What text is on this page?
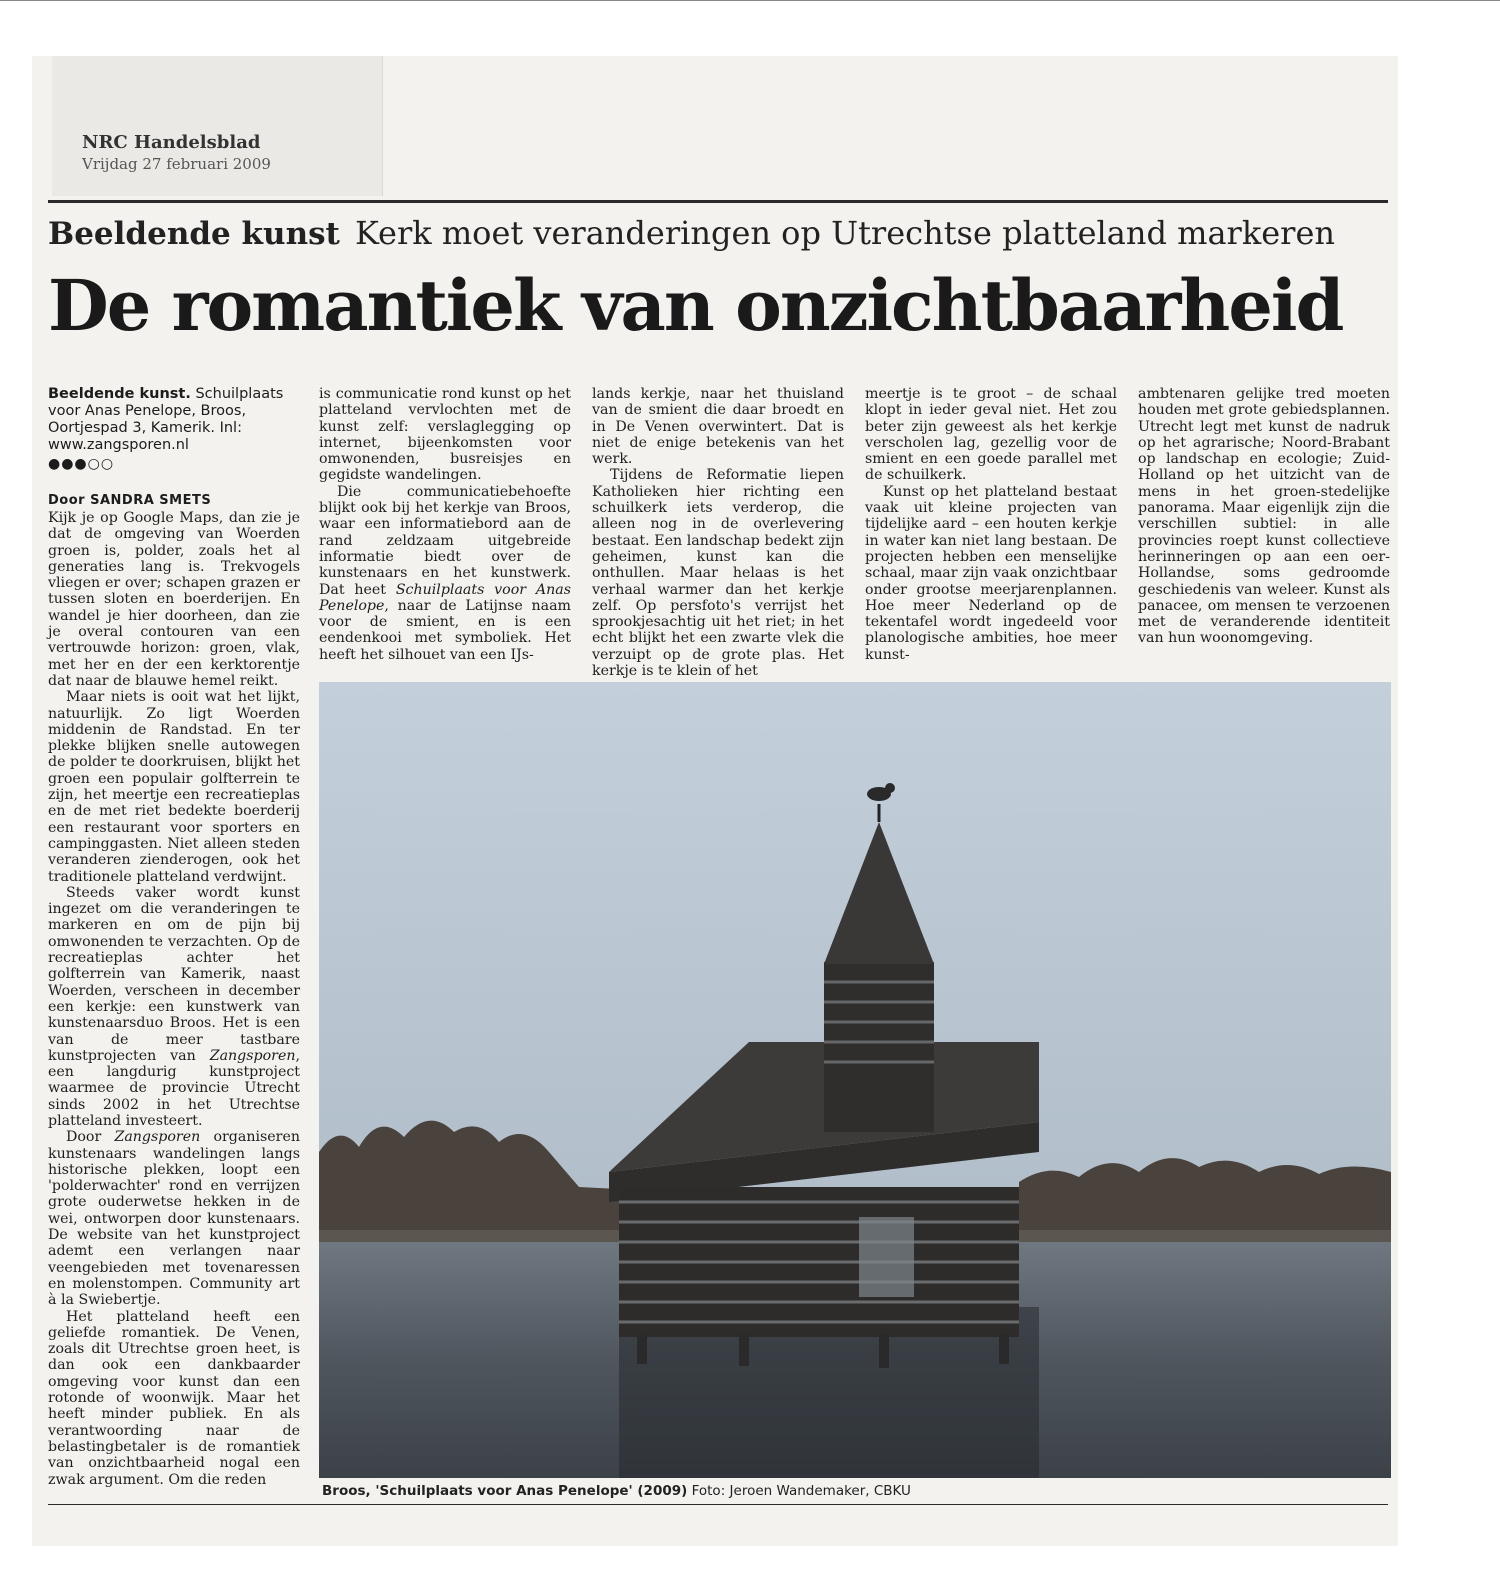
NRC Handelsblad
Vrijdag 27 februari 2009
Beeldende kunst Kerk moet veranderingen op Utrechtse platteland markeren
De romantiek van onzichtbaarheid
Beeldende kunst. Schuilplaats voor Anas Penelope, Broos, Oortjespad 3, Kamerik. Inl: www.zangsporen.nl
●●●○○
Door SANDRA SMETS

Kijk je op Google Maps, dan zie je dat de omgeving van Woerden groen is, polder, zoals het al generaties lang is. Trekvogels vliegen er over; schapen grazen er tussen sloten en boerderijen. En wandel je hier doorheen, dan zie je overal contouren van een vertrouwde horizon: groen, vlak, met her en der een kerktorentje dat naar de blauwe hemel reikt.

Maar niets is ooit wat het lijkt, natuurlijk. Zo ligt Woerden middenin de Randstad. En ter plekke blijken snelle autowegen de polder te doorkruisen, blijkt het groen een populair golfterrein te zijn, het meertje een recreatieplas en de met riet bedekte boerderij een restaurant voor sporters en campinggasten. Niet alleen steden veranderen zienderogen, ook het traditionele platteland verdwijnt.

Steeds vaker wordt kunst ingezet om die veranderingen te markeren en om de pijn bij omwonenden te verzachten. Op de recreatieplas achter het golfterrein van Kamerik, naast Woerden, verscheen in december een kerkje: een kunstwerk van kunstenaarsduo Broos. Het is een van de meer tastbare kunstprojecten van Zangsporen, een langdurig kunstproject waarmee de provincie Utrecht sinds 2002 in het Utrechtse platteland investeert.

Door Zangsporen organiseren kunstenaars wandelingen langs historische plekken, loopt een 'polderwachter' rond en verrijzen grote ouderwetse hekken in de wei, ontworpen door kunstenaars. De website van het kunstproject ademt een verlangen naar veengebieden met tovenaressen en molenstompen. Community art à la Swiebertje.

Het platteland heeft een geliefde romantiek. De Venen, zoals dit Utrechtse groen heet, is dan ook een dankbaarder omgeving voor kunst dan een rotonde of woonwijk. Maar het heeft minder publiek. En als verantwoording naar de belastingbetaler is de romantiek van onzichtbaarheid nogal een zwak argument. Om die reden

is communicatie rond kunst op het platteland vervlochten met de kunst zelf: verslaglegging op internet, bijeenkomsten voor omwonenden, busreisjes en gegidste wandelingen.

Die communicatiebehoefte blijkt ook bij het kerkje van Broos, waar een informatiebord aan de rand zeldzaam uitgebreide informatie biedt over de kunstenaars en het kunstwerk. Dat heet Schuilplaats voor Anas Penelope, naar de Latijnse naam voor de smient, en is een eendenkooi met symboliek. Het heeft het silhouet van een IJs-

lands kerkje, naar het thuisland van de smient die daar broedt en in De Venen overwintert. Dat is niet de enige betekenis van het werk.

Tijdens de Reformatie liepen Katholieken hier richting een schuilkerk iets verderop, die alleen nog in de overlevering bestaat. Een landschap bedekt zijn geheimen, kunst kan die onthullen. Maar helaas is het verhaal warmer dan het kerkje zelf. Op persfoto's verrijst het sprookjesachtig uit het riet; in het echt blijkt het een zwarte vlek die verzuipt op de grote plas. Het kerkje is te klein of het

meertje is te groot – de schaal klopt in ieder geval niet. Het zou beter zijn geweest als het kerkje verscholen lag, gezellig voor de smient en een goede parallel met de schuilkerk.

Kunst op het platteland bestaat vaak uit kleine projecten van tijdelijke aard – een houten kerkje in water kan niet lang bestaan. De projecten hebben een menselijke schaal, maar zijn vaak onzichtbaar onder grootse meerjarenplannen. Hoe meer Nederland op de tekentafel wordt ingedeeld voor planologische ambities, hoe meer kunst-

ambtenaren gelijke tred moeten houden met grote gebiedsplannen. Utrecht legt met kunst de nadruk op het agrarische; Noord-Brabant op landschap en ecologie; Zuid-Holland op het uitzicht van de mens in het groen-stedelijke panorama. Maar eigenlijk zijn die verschillen subtiel: in alle provincies roept kunst collectieve herinneringen op aan een oer-Hollandse, soms gedroomde geschiedenis van weleer. Kunst als panacee, om mensen te verzoenen met de veranderende identiteit van hun woonomgeving.

Broos, 'Schuilplaats voor Anas Penelope' (2009) Foto: Jeroen Wandemaker, CBKU
